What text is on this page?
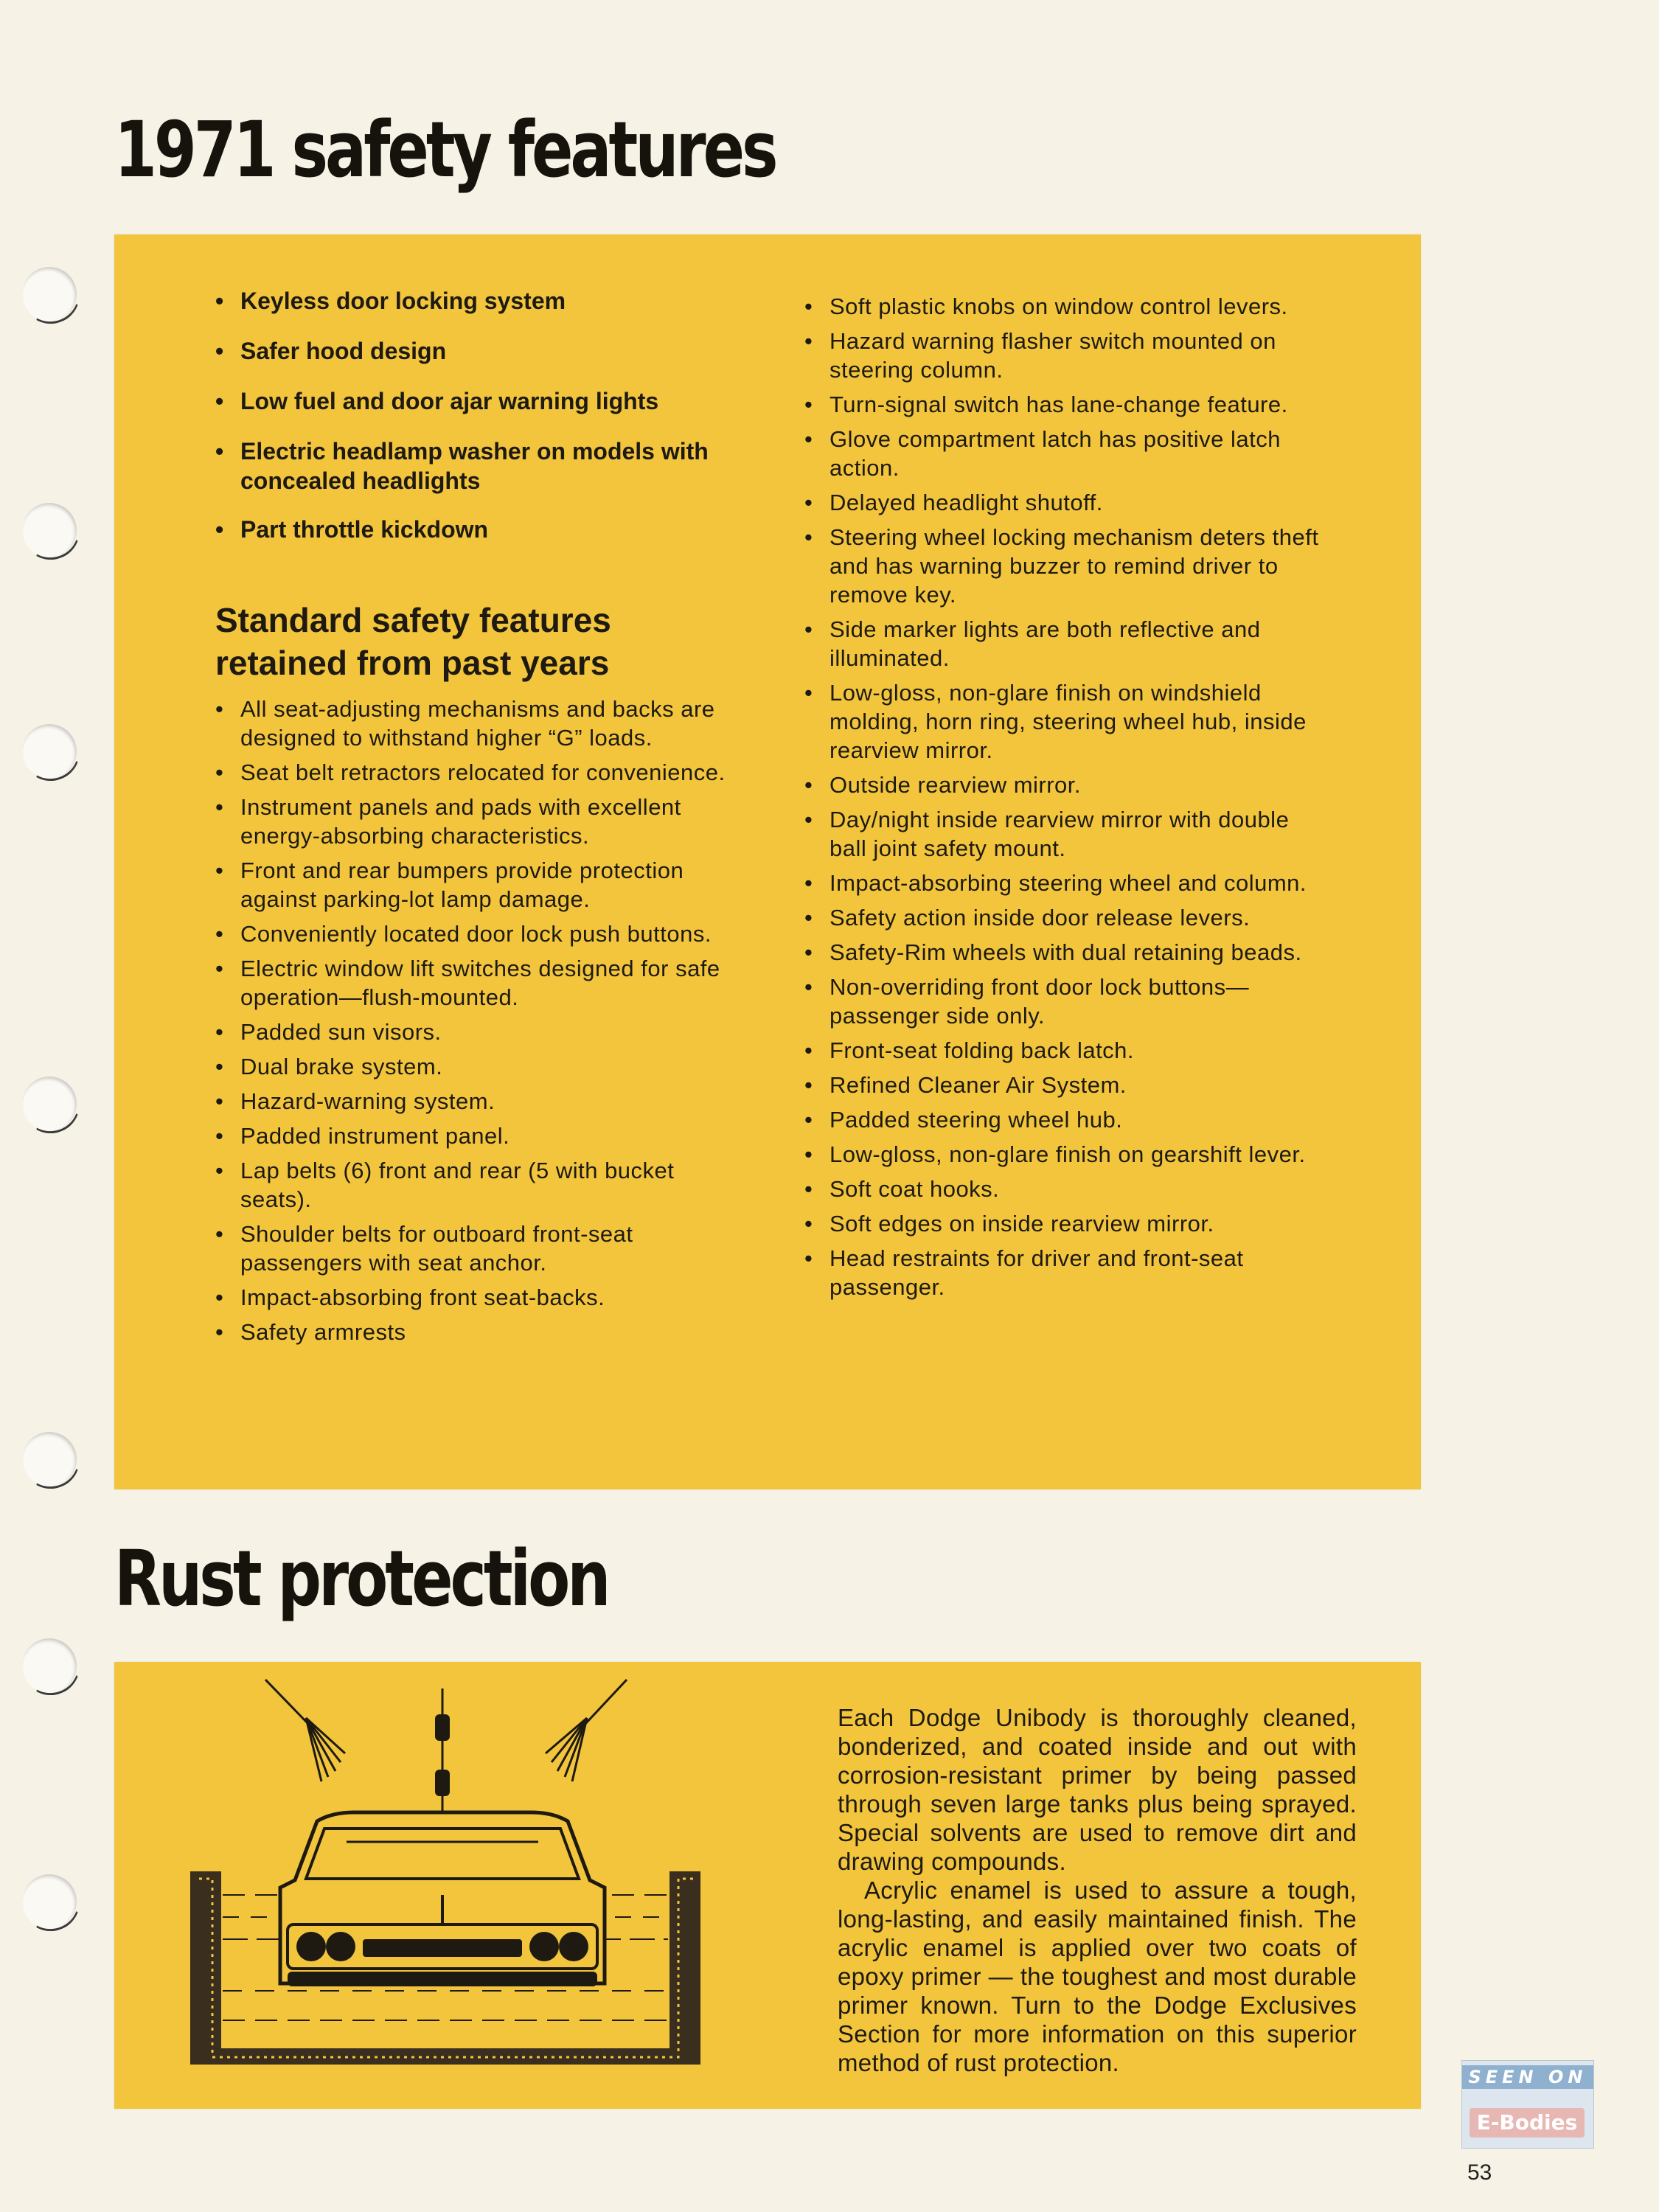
1971 safety features
• Keyless door locking system
• Safer hood design
• Low fuel and door ajar warning lights
• Electric headlamp washer on models with concealed headlights
• Part throttle kickdown

Standard safety features

retained from past years

• All seat-adjusting mechanisms and backs are designed to withstand higher “G” loads.
• Seat belt retractors relocated for convenience.
• Instrument panels and pads with excellent energy-absorbing characteristics.
• Front and rear bumpers provide protection against parking-lot lamp damage.
• Conveniently located door lock push buttons.
• Electric window lift switches designed for safe operation—flush-mounted.
• Padded sun visors.
• Dual brake system.
• Hazard-warning system.
• Padded instrument panel.
• Lap belts (6) front and rear (5 with bucket seats).
• Shoulder belts for outboard front-seat passengers with seat anchor.
• Impact-absorbing front seat-backs.
• Safety armrests
• Soft plastic knobs on window control levers.
• Hazard warning flasher switch mounted on steering column.
• Turn-signal switch has lane-change feature.
• Glove compartment latch has positive latch action.
• Delayed headlight shutoff.
• Steering wheel locking mechanism deters theft and has warning buzzer to remind driver to remove key.
• Side marker lights are both reflective and illuminated.
• Low-gloss, non-glare finish on windshield molding, horn ring, steering wheel hub, inside rearview mirror.
• Outside rearview mirror.
• Day/night inside rearview mirror with double ball joint safety mount.
• Impact-absorbing steering wheel and column.
• Safety action inside door release levers.
• Safety-Rim wheels with dual retaining beads.
• Non-overriding front door lock buttons—passenger side only.
• Front-seat folding back latch.
• Refined Cleaner Air System.
• Padded steering wheel hub.
• Low-gloss, non-glare finish on gearshift lever.
• Soft coat hooks.
• Soft edges on inside rearview mirror.
• Head restraints for driver and front-seat passenger.
Rust protection

Each Dodge Unibody is thoroughly cleaned, bonderized, and coated inside and out with corrosion-resistant primer by being passed through seven large tanks plus being sprayed. Special solvents are used to remove dirt and drawing compounds.

Acrylic enamel is used to assure a tough, long-lasting, and easily maintained finish. The acrylic enamel is applied over two coats of epoxy primer — the toughest and most durable primer known. Turn to the Dodge Exclusives Section for more information on this superior method of rust protection.

SEEN ON
E-Bodies
53
